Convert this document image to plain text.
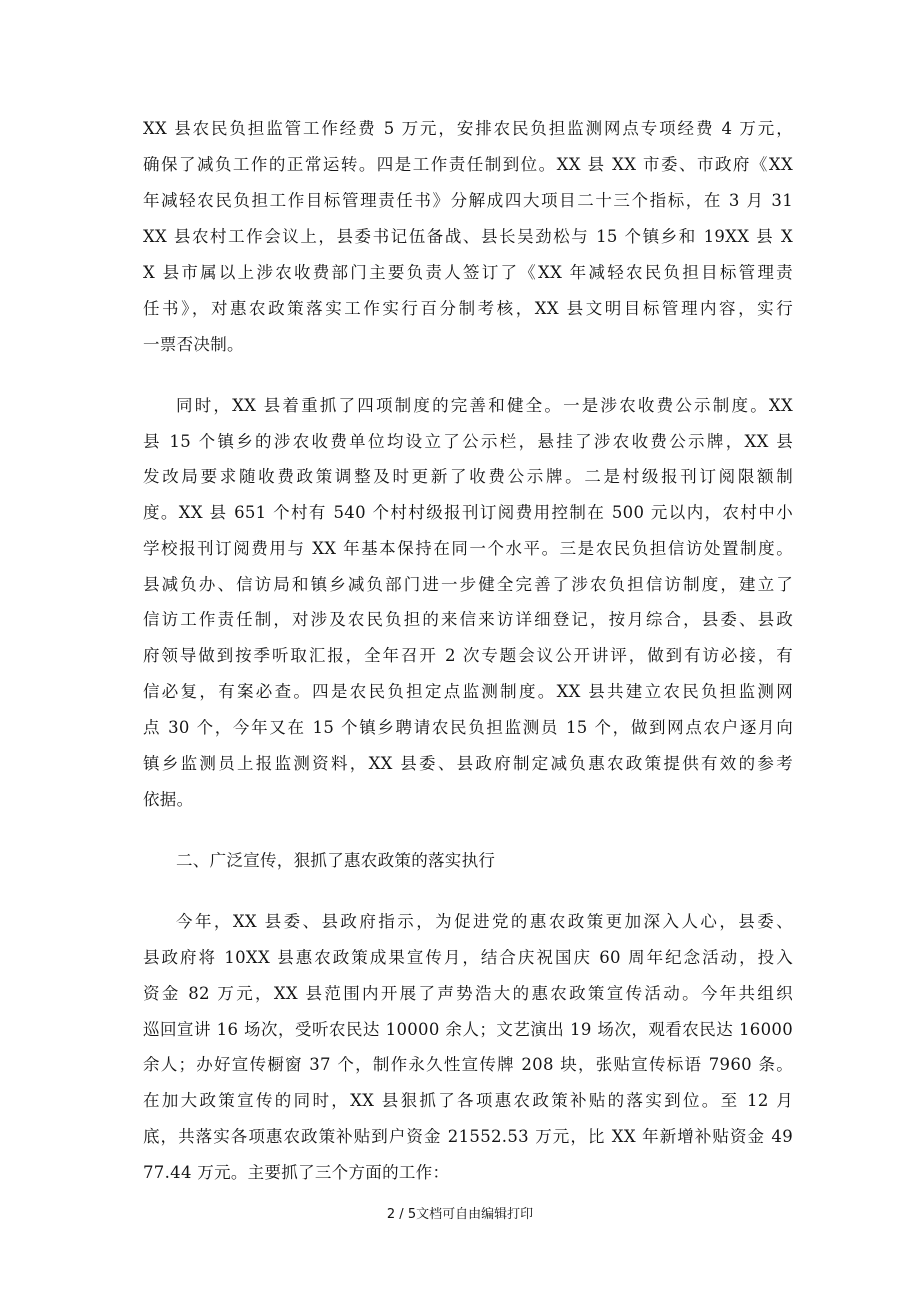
XX 县农民负担监管工作经费 5 万元，安排农民负担监测网点专项经费 4 万元，
确保了减负工作的正常运转。四是工作责任制到位。XX 县 XX 市委、市政府《XX
年减轻农民负担工作目标管理责任书》分解成四大项目二十三个指标，在 3 月 31
XX 县农村工作会议上，县委书记伍备战、县长吴劲松与 15 个镇乡和 19XX 县 X
X 县市属以上涉农收费部门主要负责人签订了《XX 年减轻农民负担目标管理责
任书》，对惠农政策落实工作实行百分制考核，XX 县文明目标管理内容，实行
一票否决制。
同时，XX 县着重抓了四项制度的完善和健全。一是涉农收费公示制度。XX
县 15 个镇乡的涉农收费单位均设立了公示栏，悬挂了涉农收费公示牌，XX 县
发改局要求随收费政策调整及时更新了收费公示牌。二是村级报刊订阅限额制
度。XX 县 651 个村有 540 个村村级报刊订阅费用控制在 500 元以内，农村中小
学校报刊订阅费用与 XX 年基本保持在同一个水平。三是农民负担信访处置制度。
县减负办、信访局和镇乡减负部门进一步健全完善了涉农负担信访制度，建立了
信访工作责任制，对涉及农民负担的来信来访详细登记，按月综合，县委、县政
府领导做到按季听取汇报，全年召开 2 次专题会议公开讲评，做到有访必接，有
信必复，有案必查。四是农民负担定点监测制度。XX 县共建立农民负担监测网
点 30 个，今年又在 15 个镇乡聘请农民负担监测员 15 个，做到网点农户逐月向
镇乡监测员上报监测资料，XX 县委、县政府制定减负惠农政策提供有效的参考
依据。
二、广泛宣传，狠抓了惠农政策的落实执行
今年，XX 县委、县政府指示，为促进党的惠农政策更加深入人心，县委、
县政府将 10XX 县惠农政策成果宣传月，结合庆祝国庆 60 周年纪念活动，投入
资金 82 万元，XX 县范围内开展了声势浩大的惠农政策宣传活动。今年共组织
巡回宣讲 16 场次，受听农民达 10000 余人；文艺演出 19 场次，观看农民达 16000
余人；办好宣传橱窗 37 个，制作永久性宣传牌 208 块，张贴宣传标语 7960 条。
在加大政策宣传的同时，XX 县狠抓了各项惠农政策补贴的落实到位。至 12 月
底，共落实各项惠农政策补贴到户资金 21552.53 万元，比 XX 年新增补贴资金 49
77.44 万元。主要抓了三个方面的工作：
2 / 5文档可自由编辑打印
